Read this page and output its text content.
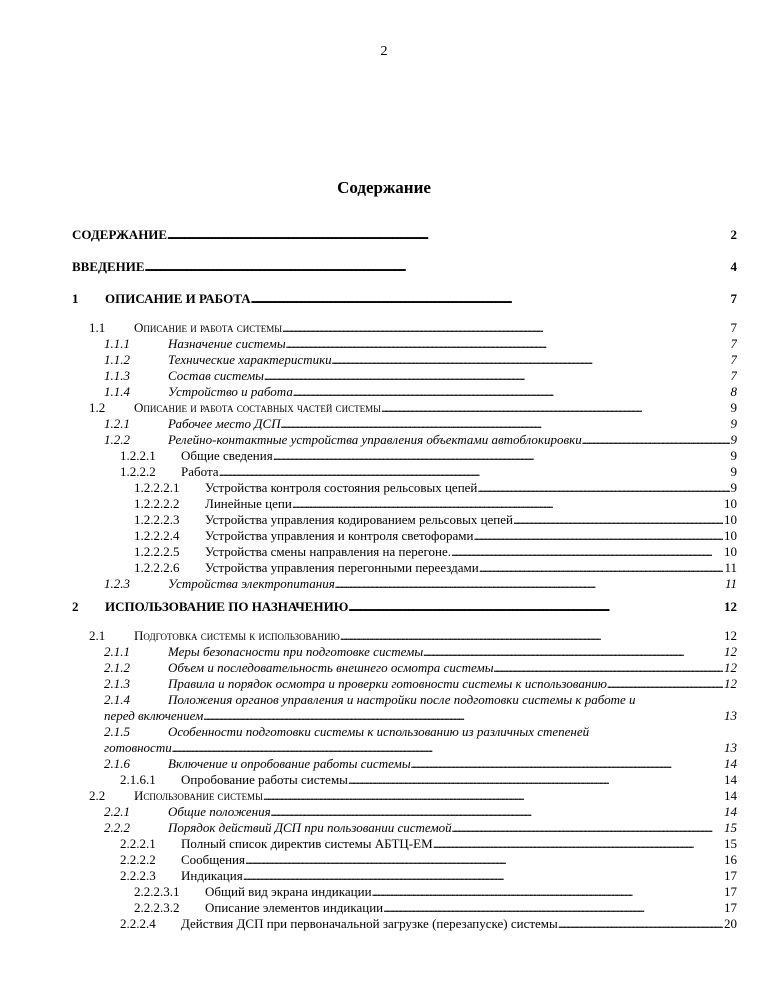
2
Содержание
СОДЕРЖАНИЕ . . .	2
ВВЕДЕНИЕ . . .	4
1 ОПИСАНИЕ И РАБОТА . . .	7
1.1 Описание и работа системы . . .	7
1.1.1	Назначение системы . . .	7
1.1.2	Технические характеристики . . .	7
1.1.3	Состав системы . . .	7
1.1.4	Устройство и работа . . .	8
1.2 Описание и работа составных частей системы . . .	9
1.2.1	Рабочее место ДСП . . .	9
1.2.2	Релейно-контактные устройства управления объектами автоблокировки . . .	9
1.2.2.1 Общие сведения . . .	9
1.2.2.2 Работа . . .	9
1.2.2.2.1 Устройства контроля состояния рельсовых цепей . . .	9
1.2.2.2.2 Линейные цепи . . .	10
1.2.2.2.3 Устройства управления кодированием рельсовых цепей . . .	10
1.2.2.2.4 Устройства управления и контроля светофорами . . .	10
1.2.2.2.5 Устройства смены направления на перегоне. . . .	10
1.2.2.2.6 Устройства управления перегонными переездами . . .	11
1.2.3	Устройства электропитания . . .	11
2 ИСПОЛЬЗОВАНИЕ ПО НАЗНАЧЕНИЮ . . .	12
2.1 Подготовка системы к использованию . . .	12
2.1.1	Меры безопасности при подготовке системы . . .	12
2.1.2	Объем и последовательность внешнего осмотра системы . . .	12
2.1.3	Правила и порядок осмотра и проверки готовности системы к использованию . . .	12
2.1.4	Положения органов управления и настройки после подготовки системы к работе и
перед включением . . .	13
2.1.5	Особенности подготовки системы к использованию из различных степеней
готовности . . .	13
2.1.6	Включение и опробование работы системы . . .	14
2.1.6.1 Опробование работы системы . . .	14
2.2 Использование системы . . .	14
2.2.1	Общие положения . . .	14
2.2.2	Порядок действий ДСП при пользовании системой . . .	15
2.2.2.1 Полный список директив системы АБТЦ-ЕМ . . .	15
2.2.2.2 Сообщения . . .	16
2.2.2.3 Индикация . . .	17
2.2.2.3.1 Общий вид экрана индикации . . .	17
2.2.2.3.2 Описание элементов индикации . . .	17
2.2.2.4 Действия ДСП при первоначальной загрузке (перезапуске) системы . . .	20
